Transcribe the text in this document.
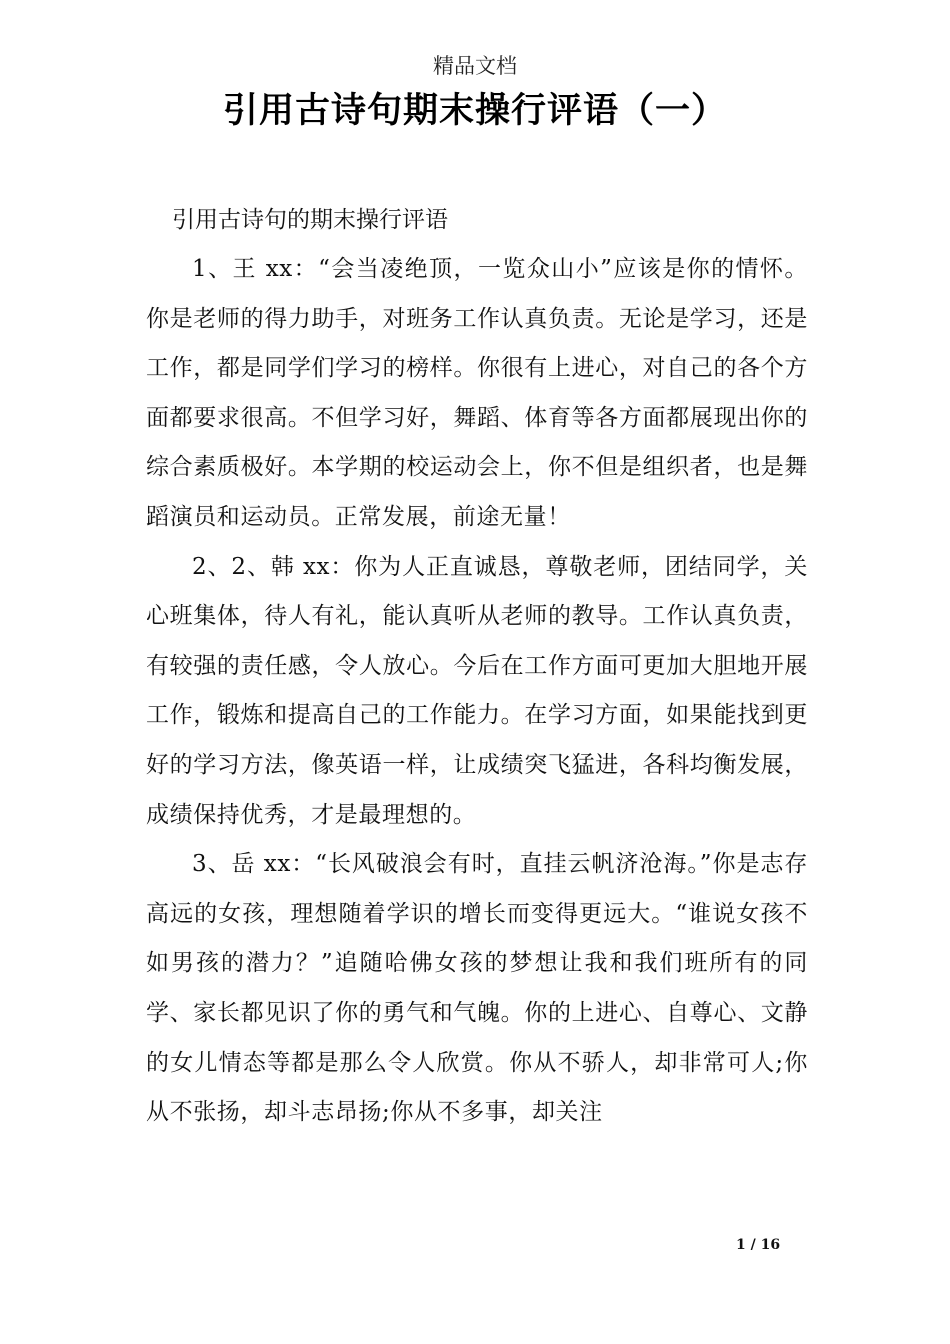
精品文档
引用古诗句期末操行评语（一）

引用古诗句的期末操行评语

1、王 xx：“会当凌绝顶，一览众山小”应该是你的情怀。你是老师的得力助手，对班务工作认真负责。无论是学习，还是工作，都是同学们学习的榜样。你很有上进心，对自己的各个方面都要求很高。不但学习好，舞蹈、体育等各方面都展现出你的综合素质极好。本学期的校运动会上，你不但是组织者，也是舞蹈演员和运动员。正常发展，前途无量！

2、2、韩 xx：你为人正直诚恳，尊敬老师，团结同学，关心班集体，待人有礼，能认真听从老师的教导。工作认真负责，有较强的责任感，令人放心。今后在工作方面可更加大胆地开展工作，锻炼和提高自己的工作能力。在学习方面，如果能找到更好的学习方法，像英语一样，让成绩突飞猛进，各科均衡发展，成绩保持优秀，才是最理想的。

3、岳 xx：“长风破浪会有时，直挂云帆济沧海。”你是志存高远的女孩，理想随着学识的增长而变得更远大。“谁说女孩不如男孩的潜力？”追随哈佛女孩的梦想让我和我们班所有的同学、家长都见识了你的勇气和气魄。你的上进心、自尊心、文静的女儿情态等都是那么令人欣赏。你从不骄人，却非常可人;你从不张扬，却斗志昂扬;你从不多事，却关注

1 / 16
